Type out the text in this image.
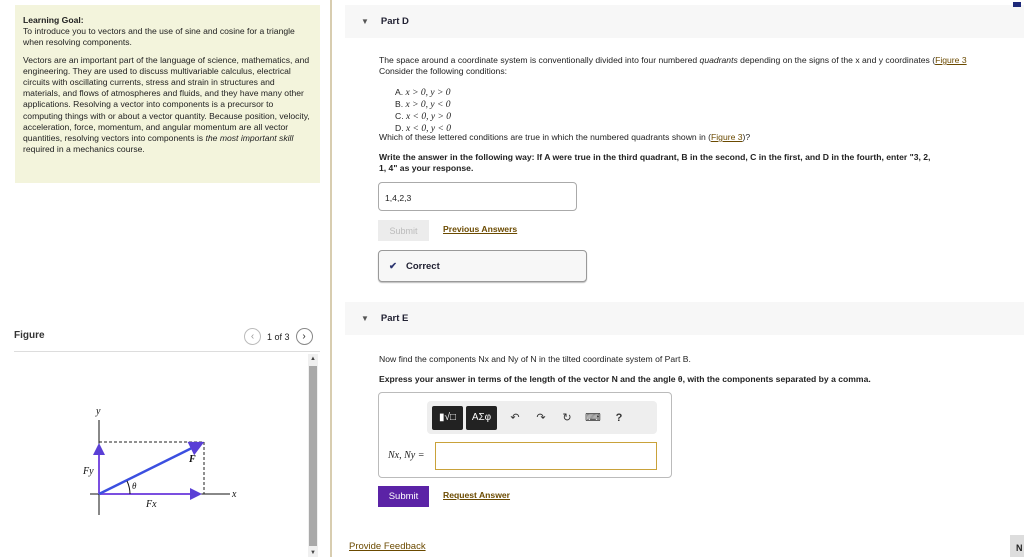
Learning Goal:
To introduce you to vectors and the use of sine and cosine for a triangle when resolving components.

Vectors are an important part of the language of science, mathematics, and engineering. They are used to discuss multivariable calculus, electrical circuits with oscillating currents, stress and strain in structures and materials, and flows of atmospheres and fluids, and they have many other applications. Resolving a vector into components is a precursor to computing things with or about a vector quantity. Because position, velocity, acceleration, force, momentum, and angular momentum are all vector quantities, resolving vectors into components is the most important skill required in a mechanics course.

Figure	‹	1 of 3	›
▲
▼
y
x
Fy
Fx
F
θ
▼ Part D
The space around a coordinate system is conventionally divided into four numbered quadrants depending on the signs of the x and y coordinates (Figure 3
Consider the following conditions:
A. x > 0, y > 0
B. x > 0, y < 0
C. x < 0, y > 0
D. x < 0, y < 0
Which of these lettered conditions are true in which the numbered quadrants shown in (Figure 3)?
Write the answer in the following way: If A were true in the third quadrant, B in the second, C in the first, and D in the fourth, enter "3, 2, 1, 4" as your response.
1,4,2,3
Submit	Previous Answers
✔ Correct
▼ Part E
Now find the components Nx and Ny of N in the tilted coordinate system of Part B.
Express your answer in terms of the length of the vector N and the angle θ, with the components separated by a comma.
▮√□	ΑΣφ	↶	↷	↻	⌨	?
Nx, Ny =
Submit	Request Answer
Provide Feedback	N
